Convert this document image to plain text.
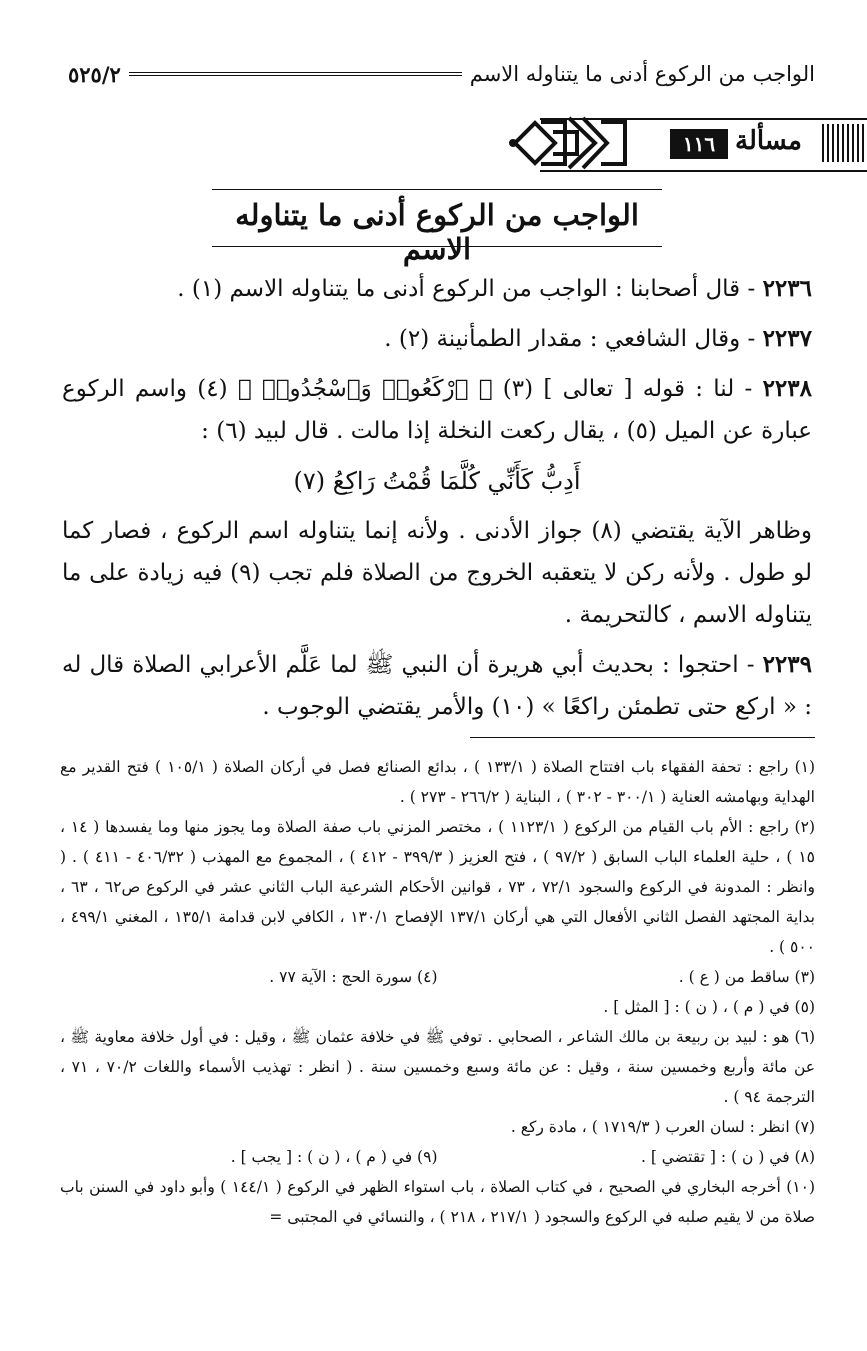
الواجب من الركوع أدنى ما يتناوله الاسم
٥٢٥/٢
١١٦ مسألة
الواجب من الركوع أدنى ما يتناوله الاسم

٢٢٣٦ - قال أصحابنا : الواجب من الركوع أدنى ما يتناوله الاسم (١) .

٢٢٣٧ - وقال الشافعي : مقدار الطمأنينة (٢) .

٢٢٣٨ - لنا : قوله [ تعالى ] (٣) ﴿ ٱرْكَعُوا۟ وَٱسْجُدُوا۟ ﴾ (٤) واسم الركوع عبارة عن الميل (٥) ، يقال ركعت النخلة إذا مالت . قال لبيد (٦) :

أَدِبُّ كَأَنِّي كُلَّمَا قُمْتُ رَاكِعُ (٧)

وظاهر الآية يقتضي (٨) جواز الأدنى . ولأنه إنما يتناوله اسم الركوع ، فصار كما لو طول . ولأنه ركن لا يتعقبه الخروج من الصلاة فلم تجب (٩) فيه زيادة على ما يتناوله الاسم ، كالتحريمة .

٢٢٣٩ - احتجوا : بحديث أبي هريرة أن النبي ﷺ لما عَلَّم الأعرابي الصلاة قال له : « اركع حتى تطمئن راكعًا » (١٠) والأمر يقتضي الوجوب .

(١) راجع : تحفة الفقهاء باب افتتاح الصلاة ( ١٣٣/١ ) ، بدائع الصنائع فصل في أركان الصلاة ( ١٠٥/١ ) فتح القدير مع الهداية وبهامشه العناية ( ٣٠٠/١ - ٣٠٢ ) ، البناية ( ٢٦٦/٢ - ٢٧٣ ) .

(٢) راجع : الأم باب القيام من الركوع ( ١١٢٣/١ ) ، مختصر المزني باب صفة الصلاة وما يجوز منها وما يفسدها ( ١٤ ، ١٥ ) ، حلية العلماء الباب السابق ( ٩٧/٢ ) ، فتح العزيز ( ٣٩٩/٣ - ٤١٢ ) ، المجموع مع المهذب ( ٤٠٦/٣٢ - ٤١١ ) . ( وانظر : المدونة في الركوع والسجود ٧٢/١ ، ٧٣ ، قوانين الأحكام الشرعية الباب الثاني عشر في الركوع ص٦٢ ، ٦٣ ، بداية المجتهد الفصل الثاني الأفعال التي هي أركان ١٣٧/١ الإفصاح ١٣٠/١ ، الكافي لابن قدامة ١٣٥/١ ، المغني ٤٩٩/١ ، ٥٠٠ ) .

(٣) ساقط من ( ع ) .
(٤) سورة الحج : الآية ٧٧ .

(٥) في ( م ) ، ( ن ) : [ المثل ] .

(٦) هو : لبيد بن ربيعة بن مالك الشاعر ، الصحابي . توفي ﷺ في خلافة عثمان ﷺ ، وقيل : في أول خلافة معاوية ﷺ ، عن مائة وأربع وخمسين سنة ، وقيل : عن مائة وسبع وخمسين سنة . ( انظر : تهذيب الأسماء واللغات ٧٠/٢ ، ٧١ ، الترجمة ٩٤ ) .

(٧) انظر : لسان العرب ( ١٧١٩/٣ ) ، مادة ركع .

(٨) في ( ن ) : [ تقتضي ] .
(٩) في ( م ) ، ( ن ) : [ يجب ] .

(١٠) أخرجه البخاري في الصحيح ، في كتاب الصلاة ، باب استواء الظهر في الركوع ( ١٤٤/١ ) وأبو داود في السنن باب صلاة من لا يقيم صلبه في الركوع والسجود ( ٢١٧/١ ، ٢١٨ ) ، والنسائي في المجتبى =
